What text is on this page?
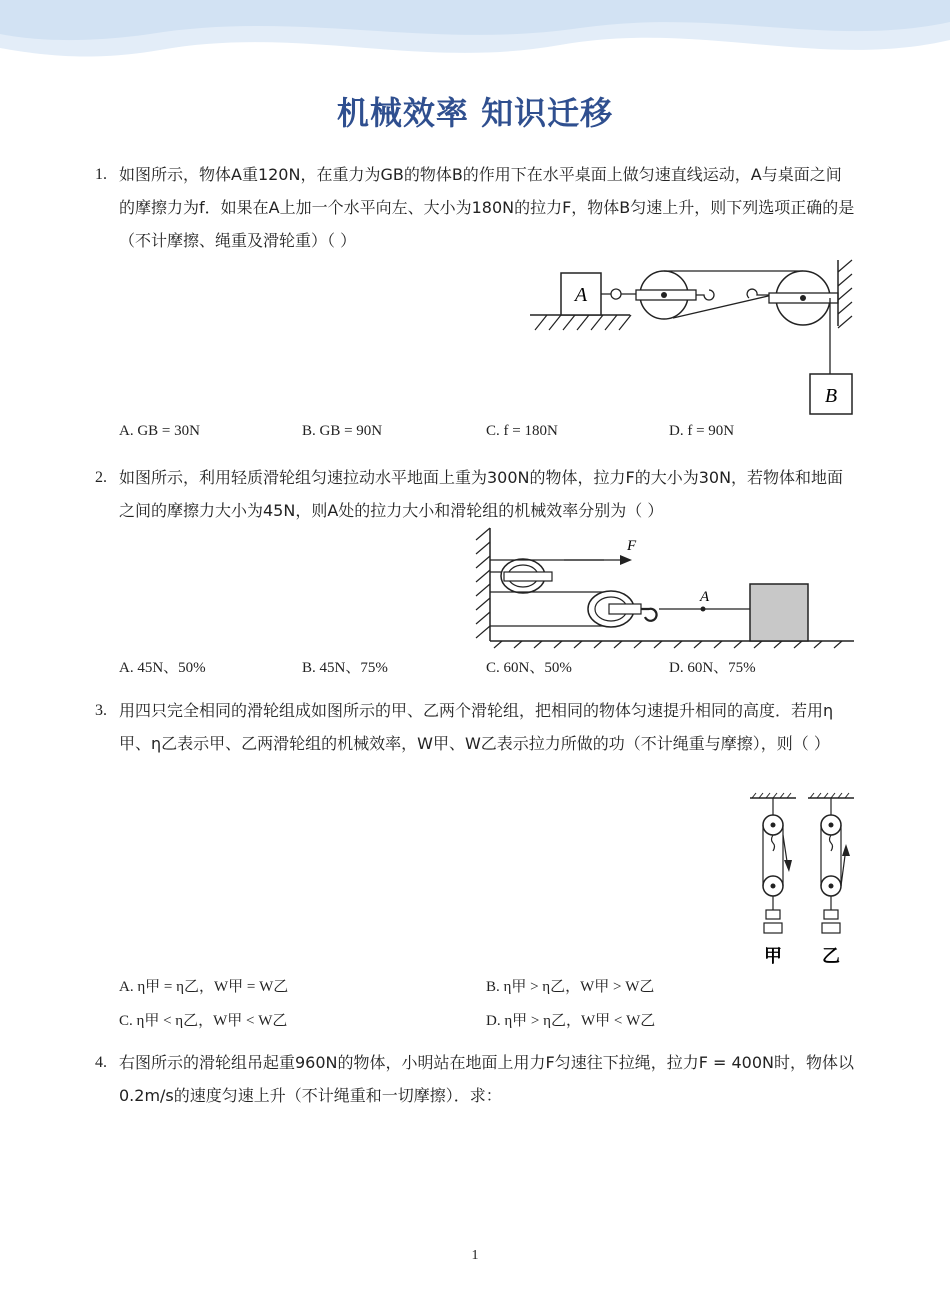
机械效率 知识迁移
1. 如图所示，物体A重120N，在重力为GB的物体B的作用下在水平桌面上做匀速直线运动，A与桌面之间的摩擦力为f．如果在A上加一个水平向左、大小为180N的拉力F，物体B匀速上升，则下列选项正确的是（不计摩擦、绳重及滑轮重）（ ）
A
B
A. GB = 30N	B. GB = 90N	C. f = 180N	D. f = 90N
2. 如图所示，利用轻质滑轮组匀速拉动水平地面上重为300N的物体，拉力F的大小为30N，若物体和地面之间的摩擦力大小为45N，则A处的拉力大小和滑轮组的机械效率分别为（ ）
F
A
A. 45N、50%	B. 45N、75%	C. 60N、50%	D. 60N、75%
3. 用四只完全相同的滑轮组成如图所示的甲、乙两个滑轮组，把相同的物体匀速提升相同的高度．若用η甲、η乙表示甲、乙两滑轮组的机械效率，W甲、W乙表示拉力所做的功（不计绳重与摩擦），则（ ）
甲 乙
A. η甲 = η乙，W甲 = W乙	B. η甲 > η乙，W甲 > W乙
C. η甲 < η乙，W甲 < W乙	D. η甲 > η乙，W甲 < W乙
4. 右图所示的滑轮组吊起重960N的物体，小明站在地面上用力F匀速往下拉绳，拉力F = 400N时，物体以0.2m/s的速度匀速上升（不计绳重和一切摩擦）．求：
1
